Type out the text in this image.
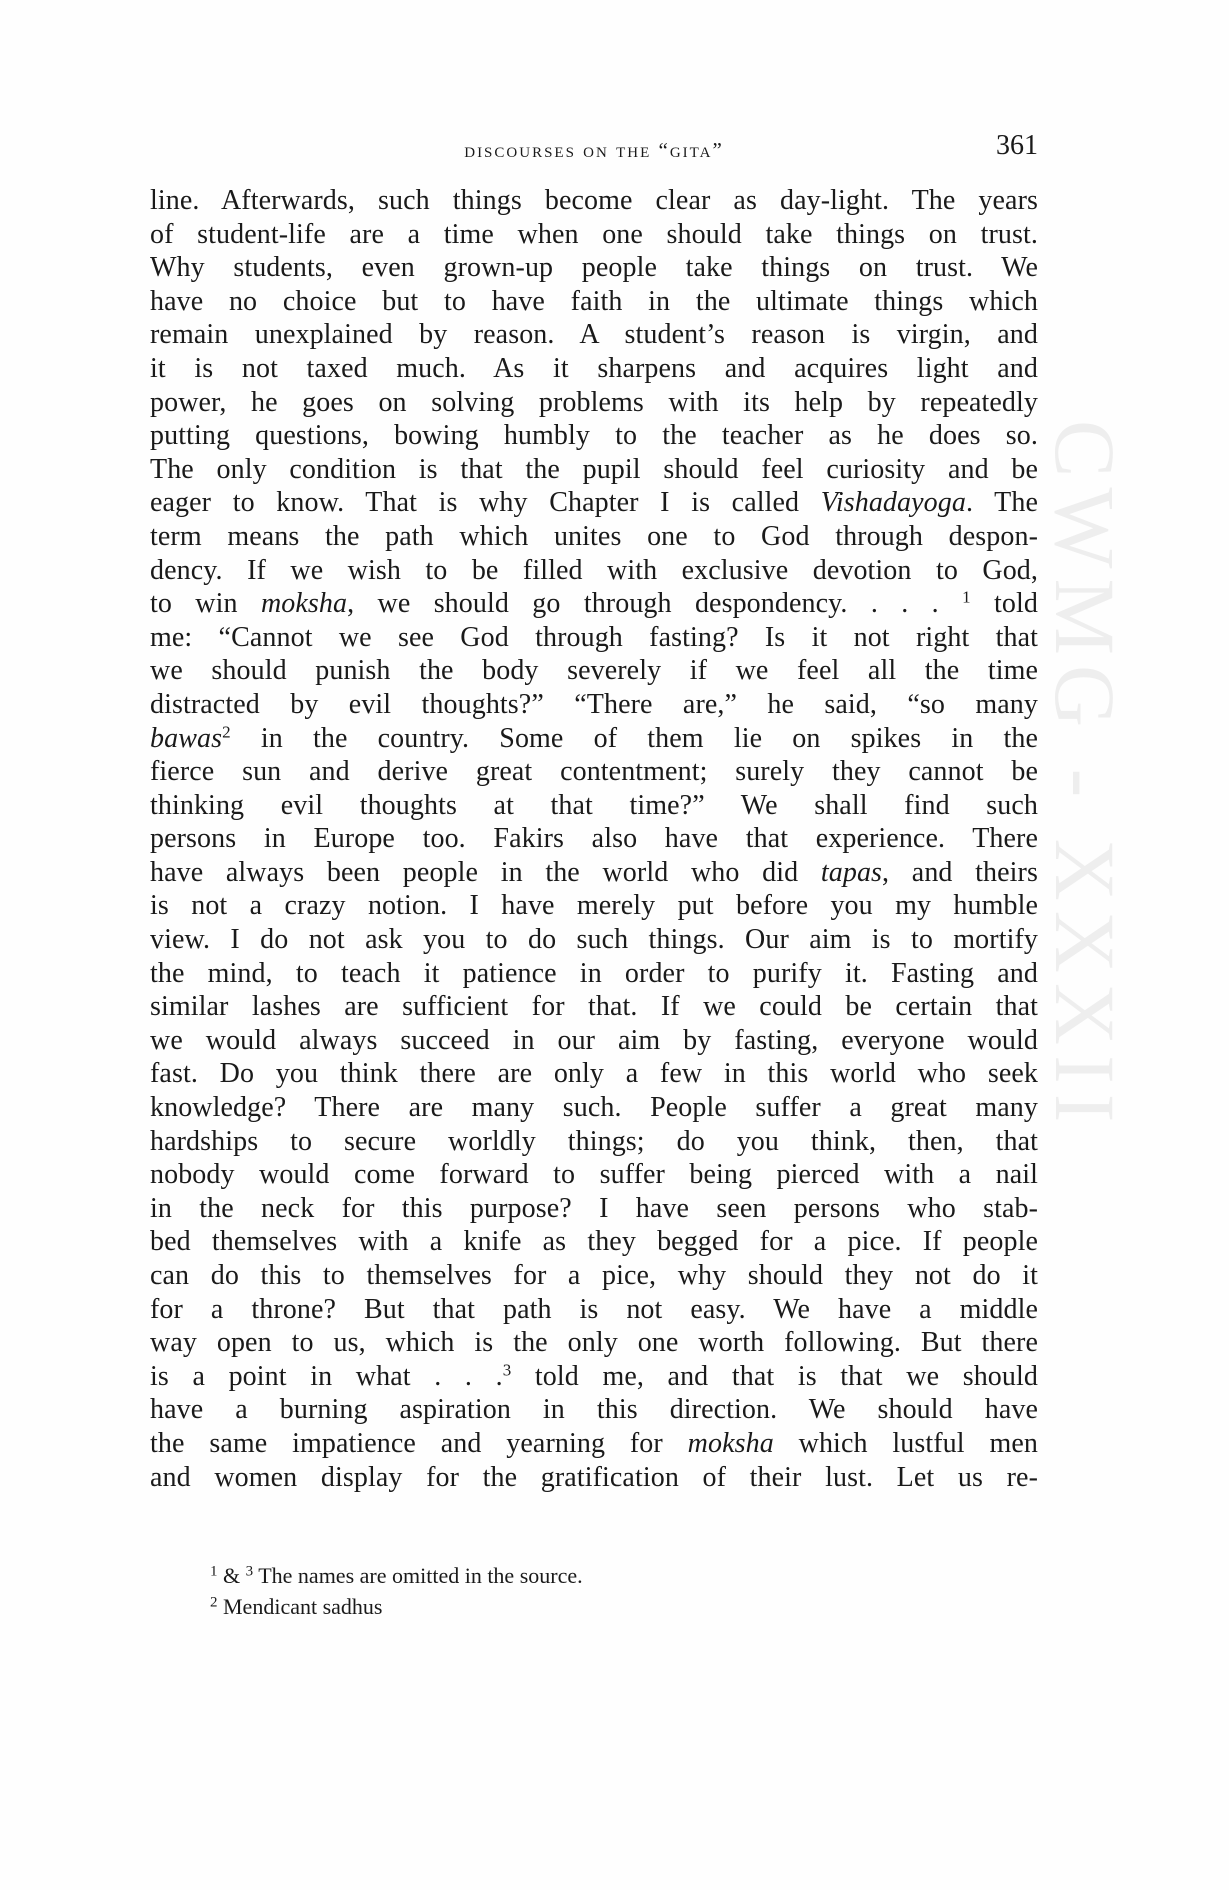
discourses on the “gita”	361
line. Afterwards, such things become clear as day-light. The years
of student-life are a time when one should take things on trust.
Why students, even grown-up people take things on trust. We
have no choice but to have faith in the ultimate things which
remain unexplained by reason. A student’s reason is virgin, and
it is not taxed much. As it sharpens and acquires light and
power, he goes on solving problems with its help by repeatedly
putting questions, bowing humbly to the teacher as he does so.
The only condition is that the pupil should feel curiosity and be
eager to know. That is why Chapter I is called Vishadayoga. The
term means the path which unites one to God through despon-
dency. If we wish to be filled with exclusive devotion to God,
to win moksha, we should go through despondency. . . . $^1$ told
me: “Cannot we see God through fasting? Is it not right that
we should punish the body severely if we feel all the time
distracted by evil thoughts?” “There are,” he said, “so many
bawas$^2$ in the country. Some of them lie on spikes in the
fierce sun and derive great contentment; surely they cannot be
thinking evil thoughts at that time?” We shall find such
persons in Europe too. Fakirs also have that experience. There
have always been people in the world who did tapas, and theirs
is not a crazy notion. I have merely put before you my humble
view. I do not ask you to do such things. Our aim is to mortify
the mind, to teach it patience in order to purify it. Fasting and
similar lashes are sufficient for that. If we could be certain that
we would always succeed in our aim by fasting, everyone would
fast. Do you think there are only a few in this world who seek
knowledge? There are many such. People suffer a great many
hardships to secure worldly things; do you think, then, that
nobody would come forward to suffer being pierced with a nail
in the neck for this purpose? I have seen persons who stab-
bed themselves with a knife as they begged for a pice. If people
can do this to themselves for a pice, why should they not do it
for a throne? But that path is not easy. We have a middle
way open to us, which is the only one worth following. But there
is a point in what . . .$^3$ told me, and that is that we should
have a burning aspiration in this direction. We should have
the same impatience and yearning for moksha which lustful men
and women display for the gratification of their lust. Let us re-
$^1$ & $^3$ The names are omitted in the source.
$^2$ Mendicant sadhus
CWMG - XXXII
